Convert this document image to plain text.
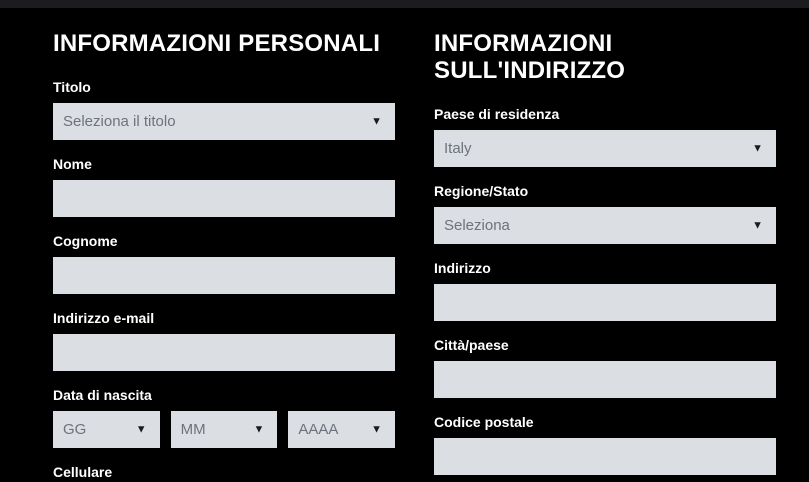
INFORMAZIONI PERSONALI
Titolo
Seleziona il titolo	▼
Nome
Cognome
Indirizzo e-mail
Data di nascita
GG	▼	MM	▼	AAAA	▼
Cellulare
INFORMAZIONI SULL'INDIRIZZO
Paese di residenza
Italy	▼
Regione/Stato
Seleziona	▼
Indirizzo
Città/paese
Codice postale
